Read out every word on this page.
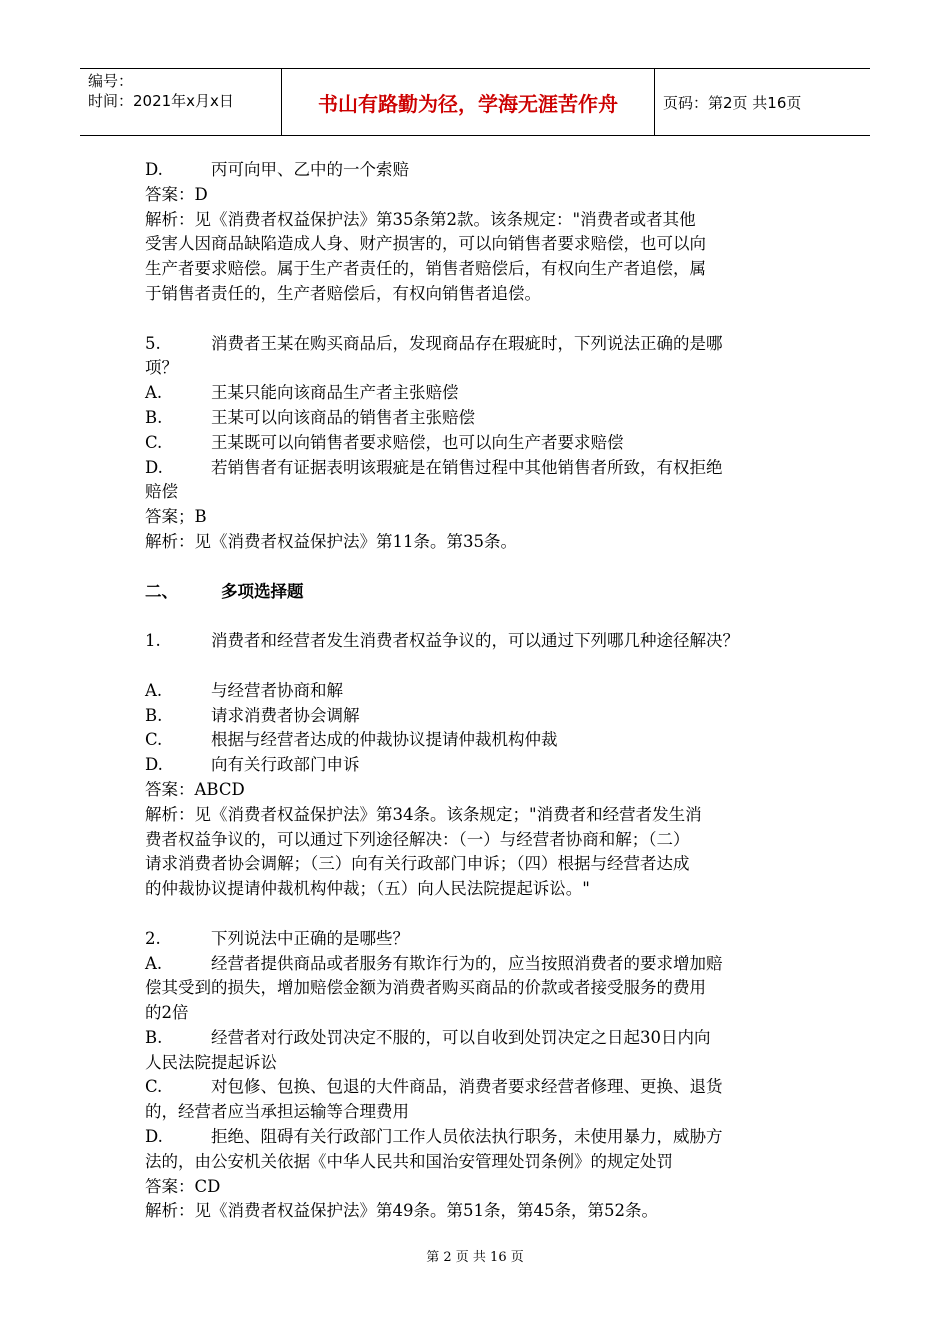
编号：
时间：2021年x月x日	书山有路勤为径，学海无涯苦作舟	页码：第2页 共16页
D.	丙可向甲、乙中的一个索赔
答案：D
解析：见《消费者权益保护法》第35条第2款。该条规定："消费者或者其他
受害人因商品缺陷造成人身、财产损害的，可以向销售者要求赔偿，也可以向
生产者要求赔偿。属于生产者责任的，销售者赔偿后，有权向生产者追偿，属
于销售者责任的，生产者赔偿后，有权向销售者追偿。
5.	消费者王某在购买商品后，发现商品存在瑕疵时，下列说法正确的是哪
项？
A.	王某只能向该商品生产者主张赔偿
B.	王某可以向该商品的销售者主张赔偿
C.	王某既可以向销售者要求赔偿，也可以向生产者要求赔偿
D.	若销售者有证据表明该瑕疵是在销售过程中其他销售者所致，有权拒绝
赔偿
答案；B
解析：见《消费者权益保护法》第11条。第35条。
二、	多项选择题
1.	消费者和经营者发生消费者权益争议的，可以通过下列哪几种途径解决？
A.	与经营者协商和解
B.	请求消费者协会调解
C.	根据与经营者达成的仲裁协议提请仲裁机构仲裁
D.	向有关行政部门申诉
答案：ABCD
解析：见《消费者权益保护法》第34条。该条规定；"消费者和经营者发生消
费者权益争议的，可以通过下列途径解决：（一）与经营者协商和解；（二）
请求消费者协会调解；（三）向有关行政部门申诉；（四）根据与经营者达成
的仲裁协议提请仲裁机构仲裁；（五）向人民法院提起诉讼。"
2.	下列说法中正确的是哪些？
A.	经营者提供商品或者服务有欺诈行为的，应当按照消费者的要求增加赔
偿其受到的损失，增加赔偿金额为消费者购买商品的价款或者接受服务的费用
的2倍
B.	经营者对行政处罚决定不服的，可以自收到处罚决定之日起30日内向
人民法院提起诉讼
C.	对包修、包换、包退的大件商品，消费者要求经营者修理、更换、退货
的，经营者应当承担运输等合理费用
D.	拒绝、阻碍有关行政部门工作人员依法执行职务，未使用暴力，威胁方
法的，由公安机关依据《中华人民共和国治安管理处罚条例》的规定处罚
答案：CD
解析：见《消费者权益保护法》第49条。第51条，第45条，第52条。
第 2 页 共 16 页
